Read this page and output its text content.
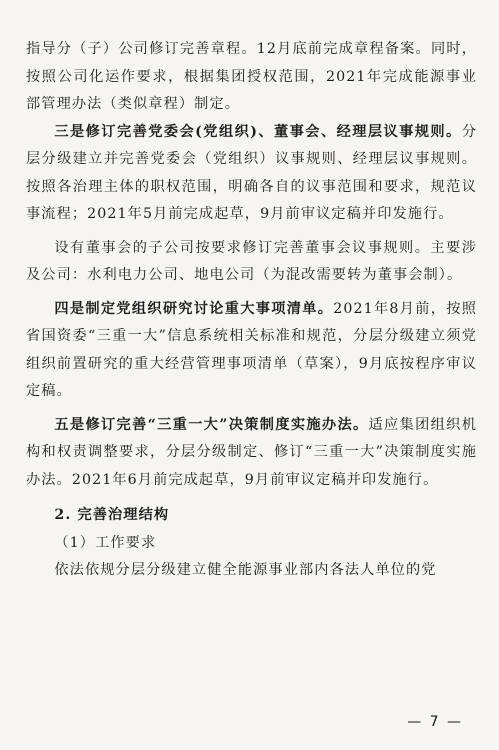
指导分（子）公司修订完善章程。12月底前完成章程备案。同时，按照公司化运作要求，根据集团授权范围，2021年完成能源事业部管理办法（类似章程）制定。

三是修订完善党委会(党组织)、董事会、经理层议事规则。分层分级建立并完善党委会（党组织）议事规则、经理层议事规则。按照各治理主体的职权范围，明确各自的议事范围和要求，规范议事流程；2021年5月前完成起草，9月前审议定稿并印发施行。

设有董事会的子公司按要求修订完善董事会议事规则。主要涉及公司：水利电力公司、地电公司（为混改需要转为董事会制）。

四是制定党组织研究讨论重大事项清单。2021年8月前，按照省国资委“三重一大”信息系统相关标准和规范，分层分级建立须党组织前置研究的重大经营管理事项清单（草案），9月底按程序审议定稿。

五是修订完善“三重一大”决策制度实施办法。适应集团组织机构和权责调整要求，分层分级制定、修订“三重一大”决策制度实施办法。2021年6月前完成起草，9月前审议定稿并印发施行。

2. 完善治理结构

（1）工作要求

依法依规分层分级建立健全能源事业部内各法人单位的党

— 7 —
